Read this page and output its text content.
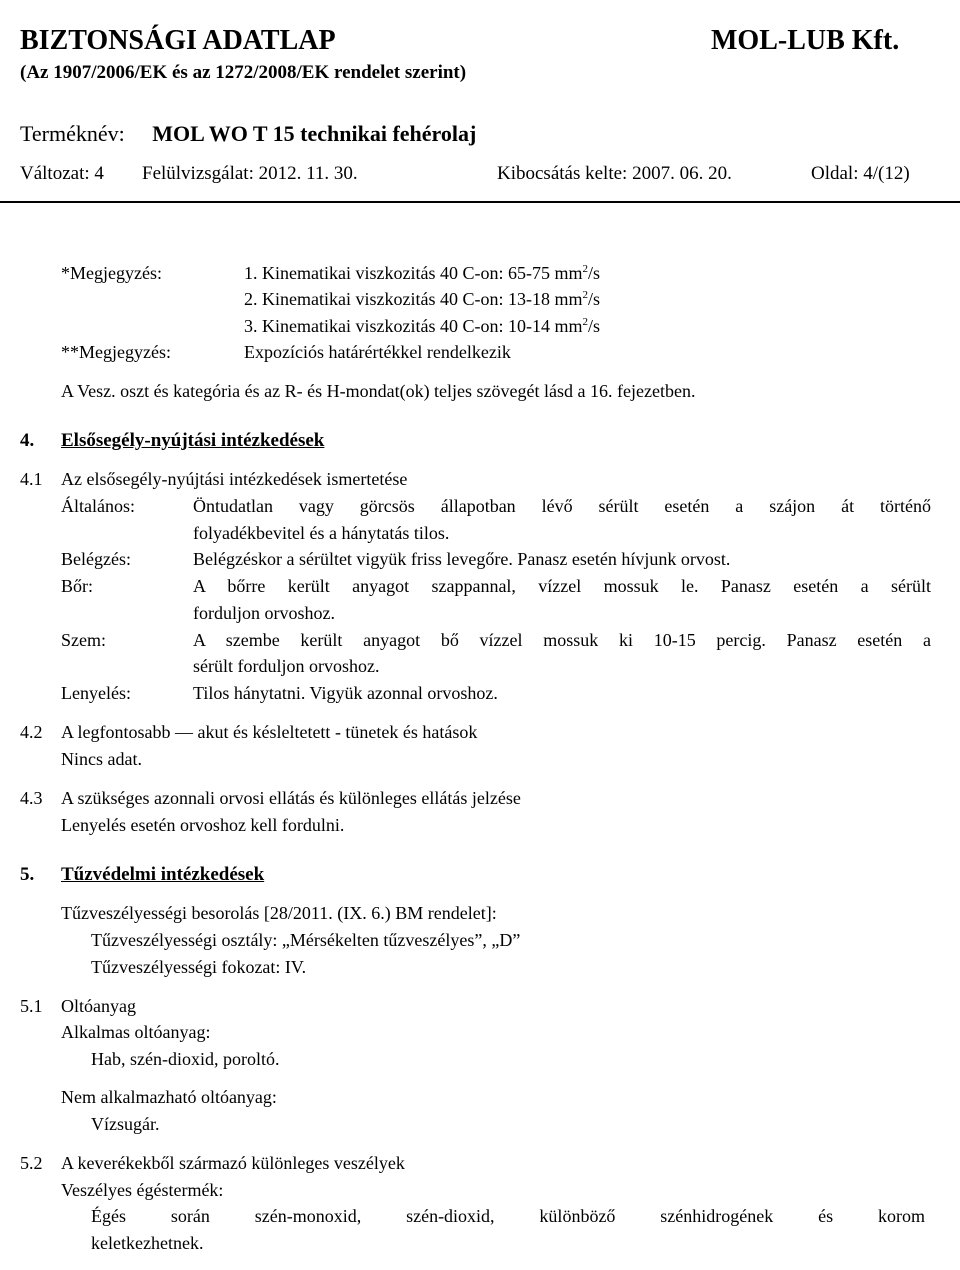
BIZTONSÁGI ADATLAP	MOL-LUB Kft.
(Az 1907/2006/EK és az 1272/2008/EK rendelet szerint)
Terméknév: MOL WO T 15 technikai fehérolaj
Változat: 4 Felülvizsgálat: 2012. 11. 30.	Kibocsátás kelte: 2007. 06. 20.	Oldal: 4/(12)
*Megjegyzés:	1. Kinematikai viszkozitás 40 C-on: 65-75 $mm^2/s$
2. Kinematikai viszkozitás 40 C-on: 13-18 $mm^2/s$
3. Kinematikai viszkozitás 40 C-on: 10-14 $mm^2/s$
**Megjegyzés:	Expozíciós határértékkel rendelkezik
A Vesz. oszt és kategória és az R- és H-mondat(ok) teljes szövegét lásd a 16. fejezetben.
4. Elsősegély-nyújtási intézkedések
4.1 Az elsősegély-nyújtási intézkedések ismertetése
Általános:	Öntudatlan vagy görcsös állapotban lévő sérült esetén a szájon át történő
folyadékbevitel és a hánytatás tilos.
Belégzés:	Belégzéskor a sérültet vigyük friss levegőre. Panasz esetén hívjunk orvost.
Bőr:	A bőrre került anyagot szappannal, vízzel mossuk le. Panasz esetén a sérült
forduljon orvoshoz.
Szem:	A szembe került anyagot bő vízzel mossuk ki 10-15 percig. Panasz esetén a
sérült forduljon orvoshoz.
Lenyelés:	Tilos hánytatni. Vigyük azonnal orvoshoz.
4.2 A legfontosabb — akut és késleltetett - tünetek és hatások
Nincs adat.
4.3 A szükséges azonnali orvosi ellátás és különleges ellátás jelzése
Lenyelés esetén orvoshoz kell fordulni.
5. Tűzvédelmi intézkedések
Tűzveszélyességi besorolás [28/2011. (IX. 6.) BM rendelet]:
Tűzveszélyességi osztály: „Mérsékelten tűzveszélyes”, „D”
Tűzveszélyességi fokozat: IV.
5.1 Oltóanyag
Alkalmas oltóanyag:
Hab, szén-dioxid, poroltó.
Nem alkalmazható oltóanyag:
Vízsugár.
5.2 A keverékekből származó különleges veszélyek
Veszélyes égéstermék:
Égés során szén-monoxid, szén-dioxid, különböző szénhidrogének és korom
keletkezhetnek.
